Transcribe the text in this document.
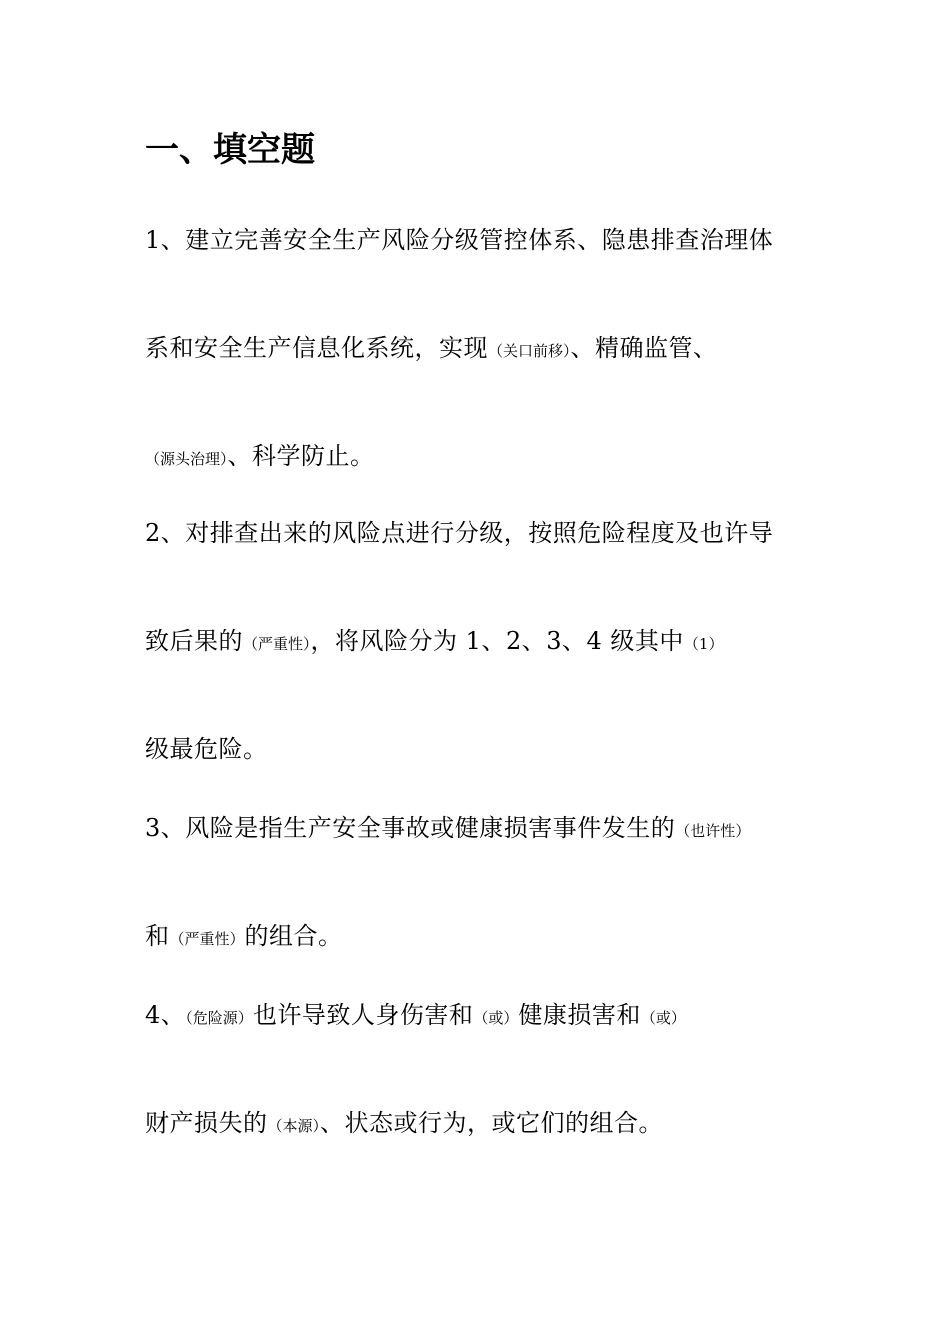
一、填空题
1、建立完善安全生产风险分级管控体系、隐患排查治理体
系和安全生产信息化系统，实现（关口前移）、精确监管、
（源头治理）、科学防止。
2、对排查出来的风险点进行分级，按照危险程度及也许导
致后果的（严重性），将风险分为 1、2、3、4 级其中（1）
级最危险。
3、风险是指生产安全事故或健康损害事件发生的（也许性）
和（严重性）的组合。
4、（危险源）也许导致人身伤害和（或）健康损害和（或）
财产损失的（本源）、状态或行为，或它们的组合。
